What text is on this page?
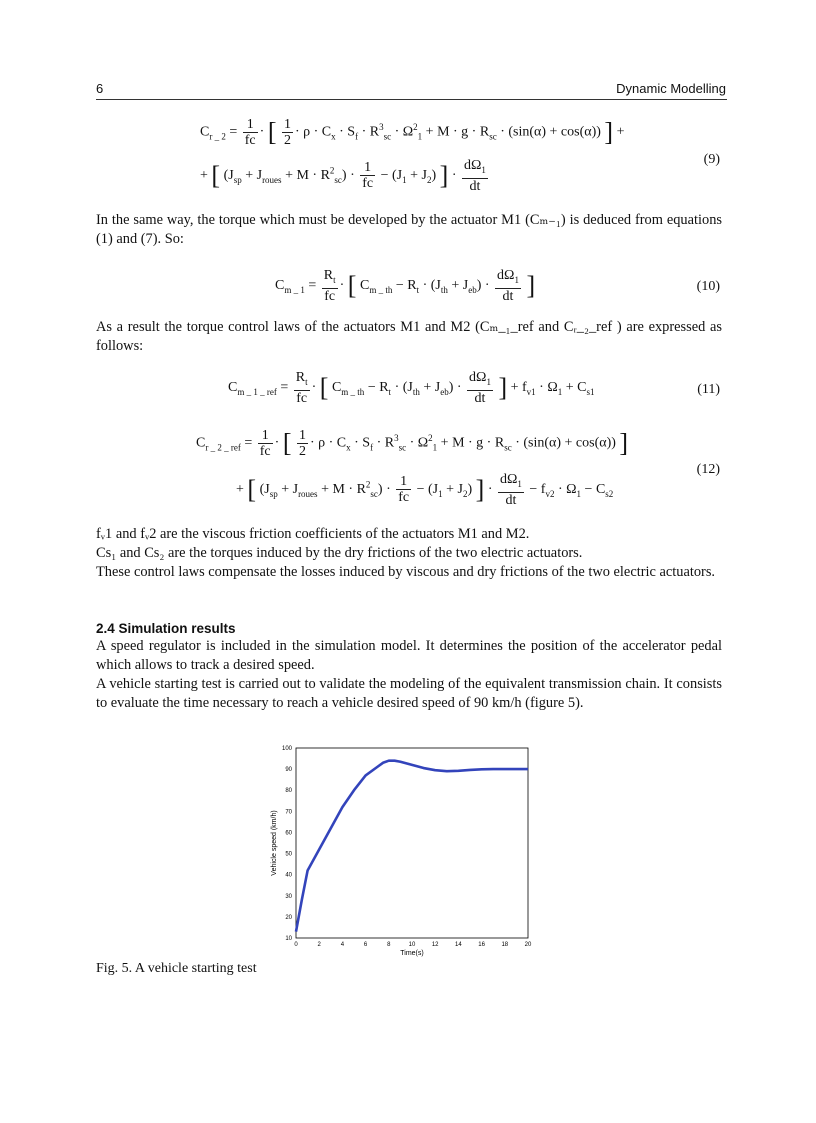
6	Dynamic Modelling
$C_{r \_ 2} = \frac{1}{fc}$ · [ $\frac{1}{2} \cdot \rho \cdot C_x \cdot S_f \cdot R^3_{sc} \cdot \Omega^2_1 + M \cdot g \cdot R_{sc} \cdot (\sin(\alpha) + \cos(\alpha))$ ] +
+ [ $(J_{sp} + J_{roues} + M \cdot R^2_{sc}) \cdot \frac{1}{fc} - (J_1 + J_2)$ ] · $\frac{d\Omega_1}{dt}$	(9)

In the same way, the torque which must be developed by the actuator M1 (Cₘ₋₁) is deduced from equations (1) and (7). So:

$C_{m \_ 1} = \frac{R_t}{fc}$ · [ $C_{m \_ th} - R_t \cdot (J_{th} + J_{eb}) \cdot \frac{d\Omega_1}{dt}$ ]	(10)

As a result the torque control laws of the actuators M1 and M2 (Cₘ_₁_ref and Cᵣ_₂_ref ) are expressed as follows:

$C_{m \_ 1 \_ ref} = \frac{R_t}{fc}$ · [ $C_{m \_ th} - R_t \cdot (J_{th} + J_{eb}) \cdot \frac{d\Omega_1}{dt}$ ] + $f_{v1} \cdot \Omega_1 + C_{s1}$	(11)
$C_{r \_ 2 \_ ref} = \frac{1}{fc}$ · [ $\frac{1}{2} \cdot \rho \cdot C_x \cdot S_f \cdot R^3_{sc} \cdot \Omega^2_1 + M \cdot g \cdot R_{sc} \cdot (\sin(\alpha) + \cos(\alpha))$ ]
+ [ $(J_{sp} + J_{roues} + M \cdot R^2_{sc}) \cdot \frac{1}{fc} - (J_1 + J_2)$ ] · $\frac{d\Omega_1}{dt} - f_{v2} \cdot \Omega_1 - C_{s2}$
(12)

fᵥ1 and fᵥ2 are the viscous friction coefficients of the actuators M1 and M2.

Cs₁ and Cs₂ are the torques induced by the dry frictions of the two electric actuators.

These control laws compensate the losses induced by viscous and dry frictions of the two electric actuators.

2.4 Simulation results

A speed regulator is included in the simulation model. It determines the position of the accelerator pedal which allows to track a desired speed.

A vehicle starting test is carried out to validate the modeling of the equivalent transmission chain. It consists to evaluate the time necessary to reach a vehicle desired speed of 90 km/h (figure 5).

0	2	4	6	8	10	12	14	16	18	20
10
20
30
40
50
60
70
80
90
100
Time(s)
Vehicle speed (km/h)
Fig. 5. A vehicle starting test
